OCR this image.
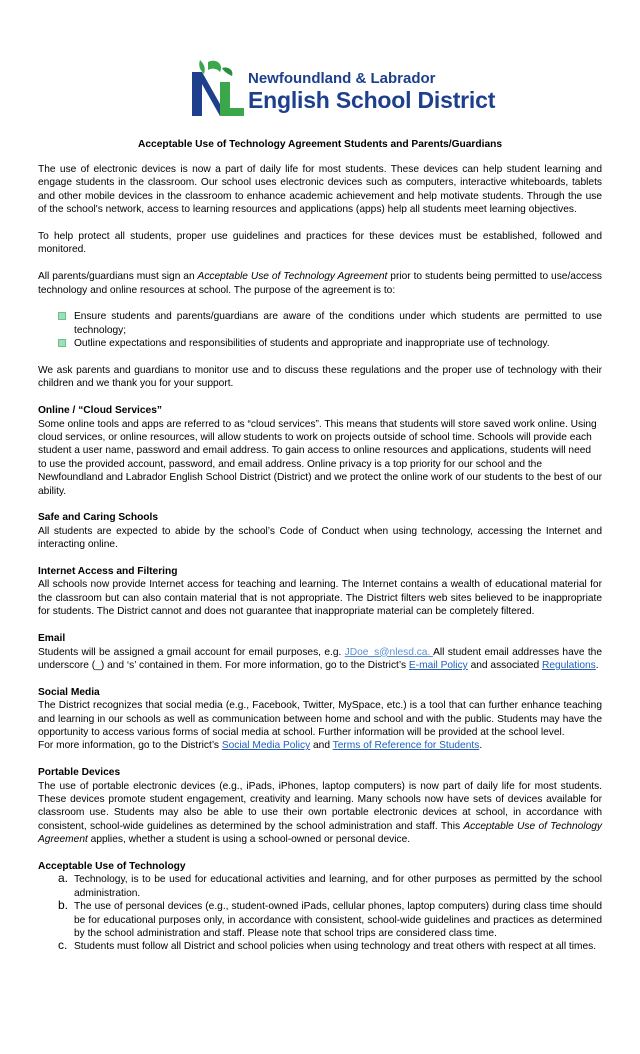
Newfoundland & Labrador
English School District
Acceptable Use of Technology Agreement Students and Parents/Guardians

The use of electronic devices is now a part of daily life for most students. These devices can help student learning and engage students in the classroom. Our school uses electronic devices such as computers, interactive whiteboards, tablets and other mobile devices in the classroom to enhance academic achievement and help motivate students. Through the use of the school's network, access to learning resources and applications (apps) help all students meet learning objectives.

To help protect all students, proper use guidelines and practices for these devices must be established, followed and monitored.

All parents/guardians must sign an Acceptable Use of Technology Agreement prior to students being permitted to use/access technology and online resources at school. The purpose of the agreement is to:

Ensure students and parents/guardians are aware of the conditions under which students are permitted to use technology;
Outline expectations and responsibilities of students and appropriate and inappropriate use of technology.

We ask parents and guardians to monitor use and to discuss these regulations and the proper use of technology with their children and we thank you for your support.

Online / “Cloud Services”

Some online tools and apps are referred to as “cloud services”. This means that students will store saved work online. Using cloud services, or online resources, will allow students to work on projects outside of school time. Schools will provide each student a user name, password and email address. To gain access to online resources and applications, students will need to use the provided account, password, and email address. Online privacy is a top priority for our school and the Newfoundland and Labrador English School District (District) and we protect the online work of our students to the best of our ability.

Safe and Caring Schools

All students are expected to abide by the school’s Code of Conduct when using technology, accessing the Internet and interacting online.

Internet Access and Filtering

All schools now provide Internet access for teaching and learning. The Internet contains a wealth of educational material for the classroom but can also contain material that is not appropriate. The District filters web sites believed to be inappropriate for students. The District cannot and does not guarantee that inappropriate material can be completely filtered.

Email

Students will be assigned a gmail account for email purposes, e.g. JDoe_s@nlesd.ca. All student email addresses have the underscore (_) and ‘s’ contained in them. For more information, go to the District’s E-mail Policy and associated Regulations.

Social Media

The District recognizes that social media (e.g., Facebook, Twitter, MySpace, etc.) is a tool that can further enhance teaching and learning in our schools as well as communication between home and school and with the public. Students may have the opportunity to access various forms of social media at school. Further information will be provided at the school level.

For more information, go to the District’s Social Media Policy and Terms of Reference for Students.

Portable Devices

The use of portable electronic devices (e.g., iPads, iPhones, laptop computers) is now part of daily life for most students. These devices promote student engagement, creativity and learning. Many schools now have sets of devices available for classroom use. Students may also be able to use their own portable electronic devices at school, in accordance with consistent, school-wide guidelines as determined by the school administration and staff. This Acceptable Use of Technology Agreement applies, whether a student is using a school-owned or personal device.

Acceptable Use of Technology
a. Technology, is to be used for educational activities and learning, and for other purposes as permitted by the school administration.
b. The use of personal devices (e.g., student-owned iPads, cellular phones, laptop computers) during class time should be for educational purposes only, in accordance with consistent, school-wide guidelines and practices as determined by the school administration and staff. Please note that school trips are considered class time.
c. Students must follow all District and school policies when using technology and treat others with respect at all times.
